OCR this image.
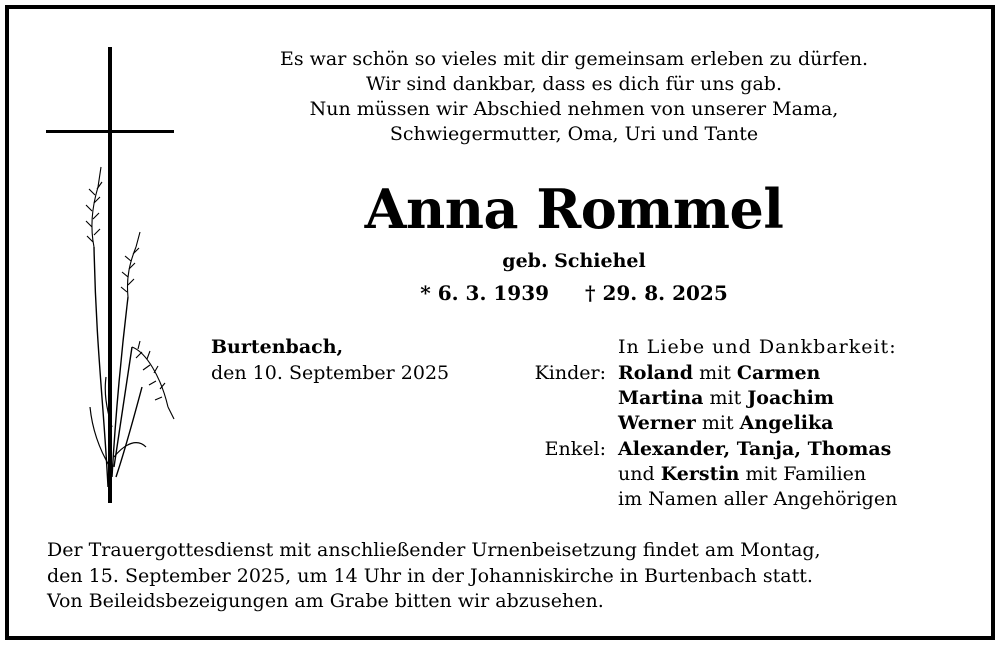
Es war schön so vieles mit dir gemeinsam erleben zu dürfen.
Wir sind dankbar, dass es dich für uns gab.
Nun müssen wir Abschied nehmen von unserer Mama,
Schwiegermutter, Oma, Uri und Tante
Anna Rommel
geb. Schiehel
* 6. 3. 1939 † 29. 8. 2025
Burtenbach,
den 10. September 2025
In Liebe und Dankbarkeit:
Kinder: Roland mit Carmen
Martina mit Joachim
Werner mit Angelika
Enkel: Alexander, Tanja, Thomas
und Kerstin mit Familien
im Namen aller Angehörigen
Der Trauergottesdienst mit anschließender Urnenbeisetzung findet am Montag,
den 15. September 2025, um 14 Uhr in der Johanniskirche in Burtenbach statt.
Von Beileidsbezeigungen am Grabe bitten wir abzusehen.
